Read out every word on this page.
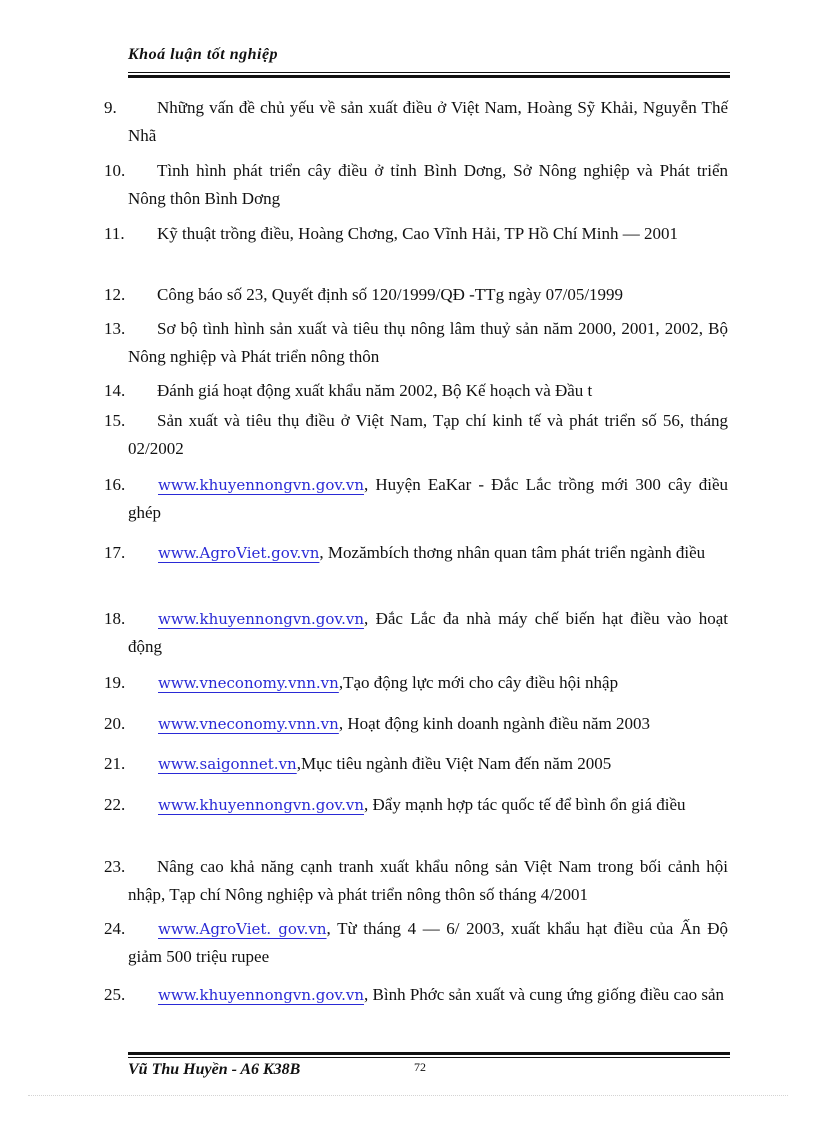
Khoá luận tốt nghiệp
9.	Những vấn đề chủ yếu về sản xuất điều ở Việt Nam, Hoàng Sỹ Khải, Nguyễn Thế Nhã
10.	Tình hình phát triển cây điều ở tỉnh Bình Dơng, Sở Nông nghiệp và Phát triển Nông thôn Bình Dơng
11.	Kỹ thuật trồng điều, Hoàng Chơng, Cao Vĩnh Hải, TP Hồ Chí Minh — 2001
12.	Công báo số 23, Quyết định số 120/1999/QĐ -TTg ngày 07/05/1999
13.	Sơ bộ tình hình sản xuất và tiêu thụ nông lâm thuỷ sản năm 2000, 2001, 2002, Bộ Nông nghiệp và Phát triển nông thôn
14.	Đánh giá hoạt động xuất khẩu năm 2002, Bộ Kế hoạch và Đầu t
15.	Sản xuất và tiêu thụ điều ở Việt Nam, Tạp chí kinh tế và phát triển số 56, tháng 02/2002
16.	www.khuyennongvn.gov.vn, Huyện EaKar - Đắc Lắc trồng mới 300 cây điều ghép
17.	www.AgroViet.gov.vn, Mozămbích thơng nhân quan tâm phát triển ngành điều
18.	www.khuyennongvn.gov.vn, Đắc Lắc đa nhà máy chế biến hạt điều vào hoạt động
19.	www.vneconomy.vnn.vn,Tạo động lực mới cho cây điều hội nhập
20.	www.vneconomy.vnn.vn, Hoạt động kinh doanh ngành điều năm 2003
21.	www.saigonnet.vn,Mục tiêu ngành điều Việt Nam đến năm 2005
22.	www.khuyennongvn.gov.vn, Đẩy mạnh hợp tác quốc tế để bình ổn giá điều
23.	Nâng cao khả năng cạnh tranh xuất khẩu nông sản Việt Nam trong bối cảnh hội nhập, Tạp chí Nông nghiệp và phát triển nông thôn số tháng 4/2001
24.	www.AgroViet. gov.vn, Từ tháng 4 — 6/ 2003, xuất khẩu hạt điều của Ấn Độ giảm 500 triệu rupee
25.	www.khuyennongvn.gov.vn, Bình Phớc sản xuất và cung ứng giống điều cao sản
Vũ Thu Huyền - A6 K38B	72
